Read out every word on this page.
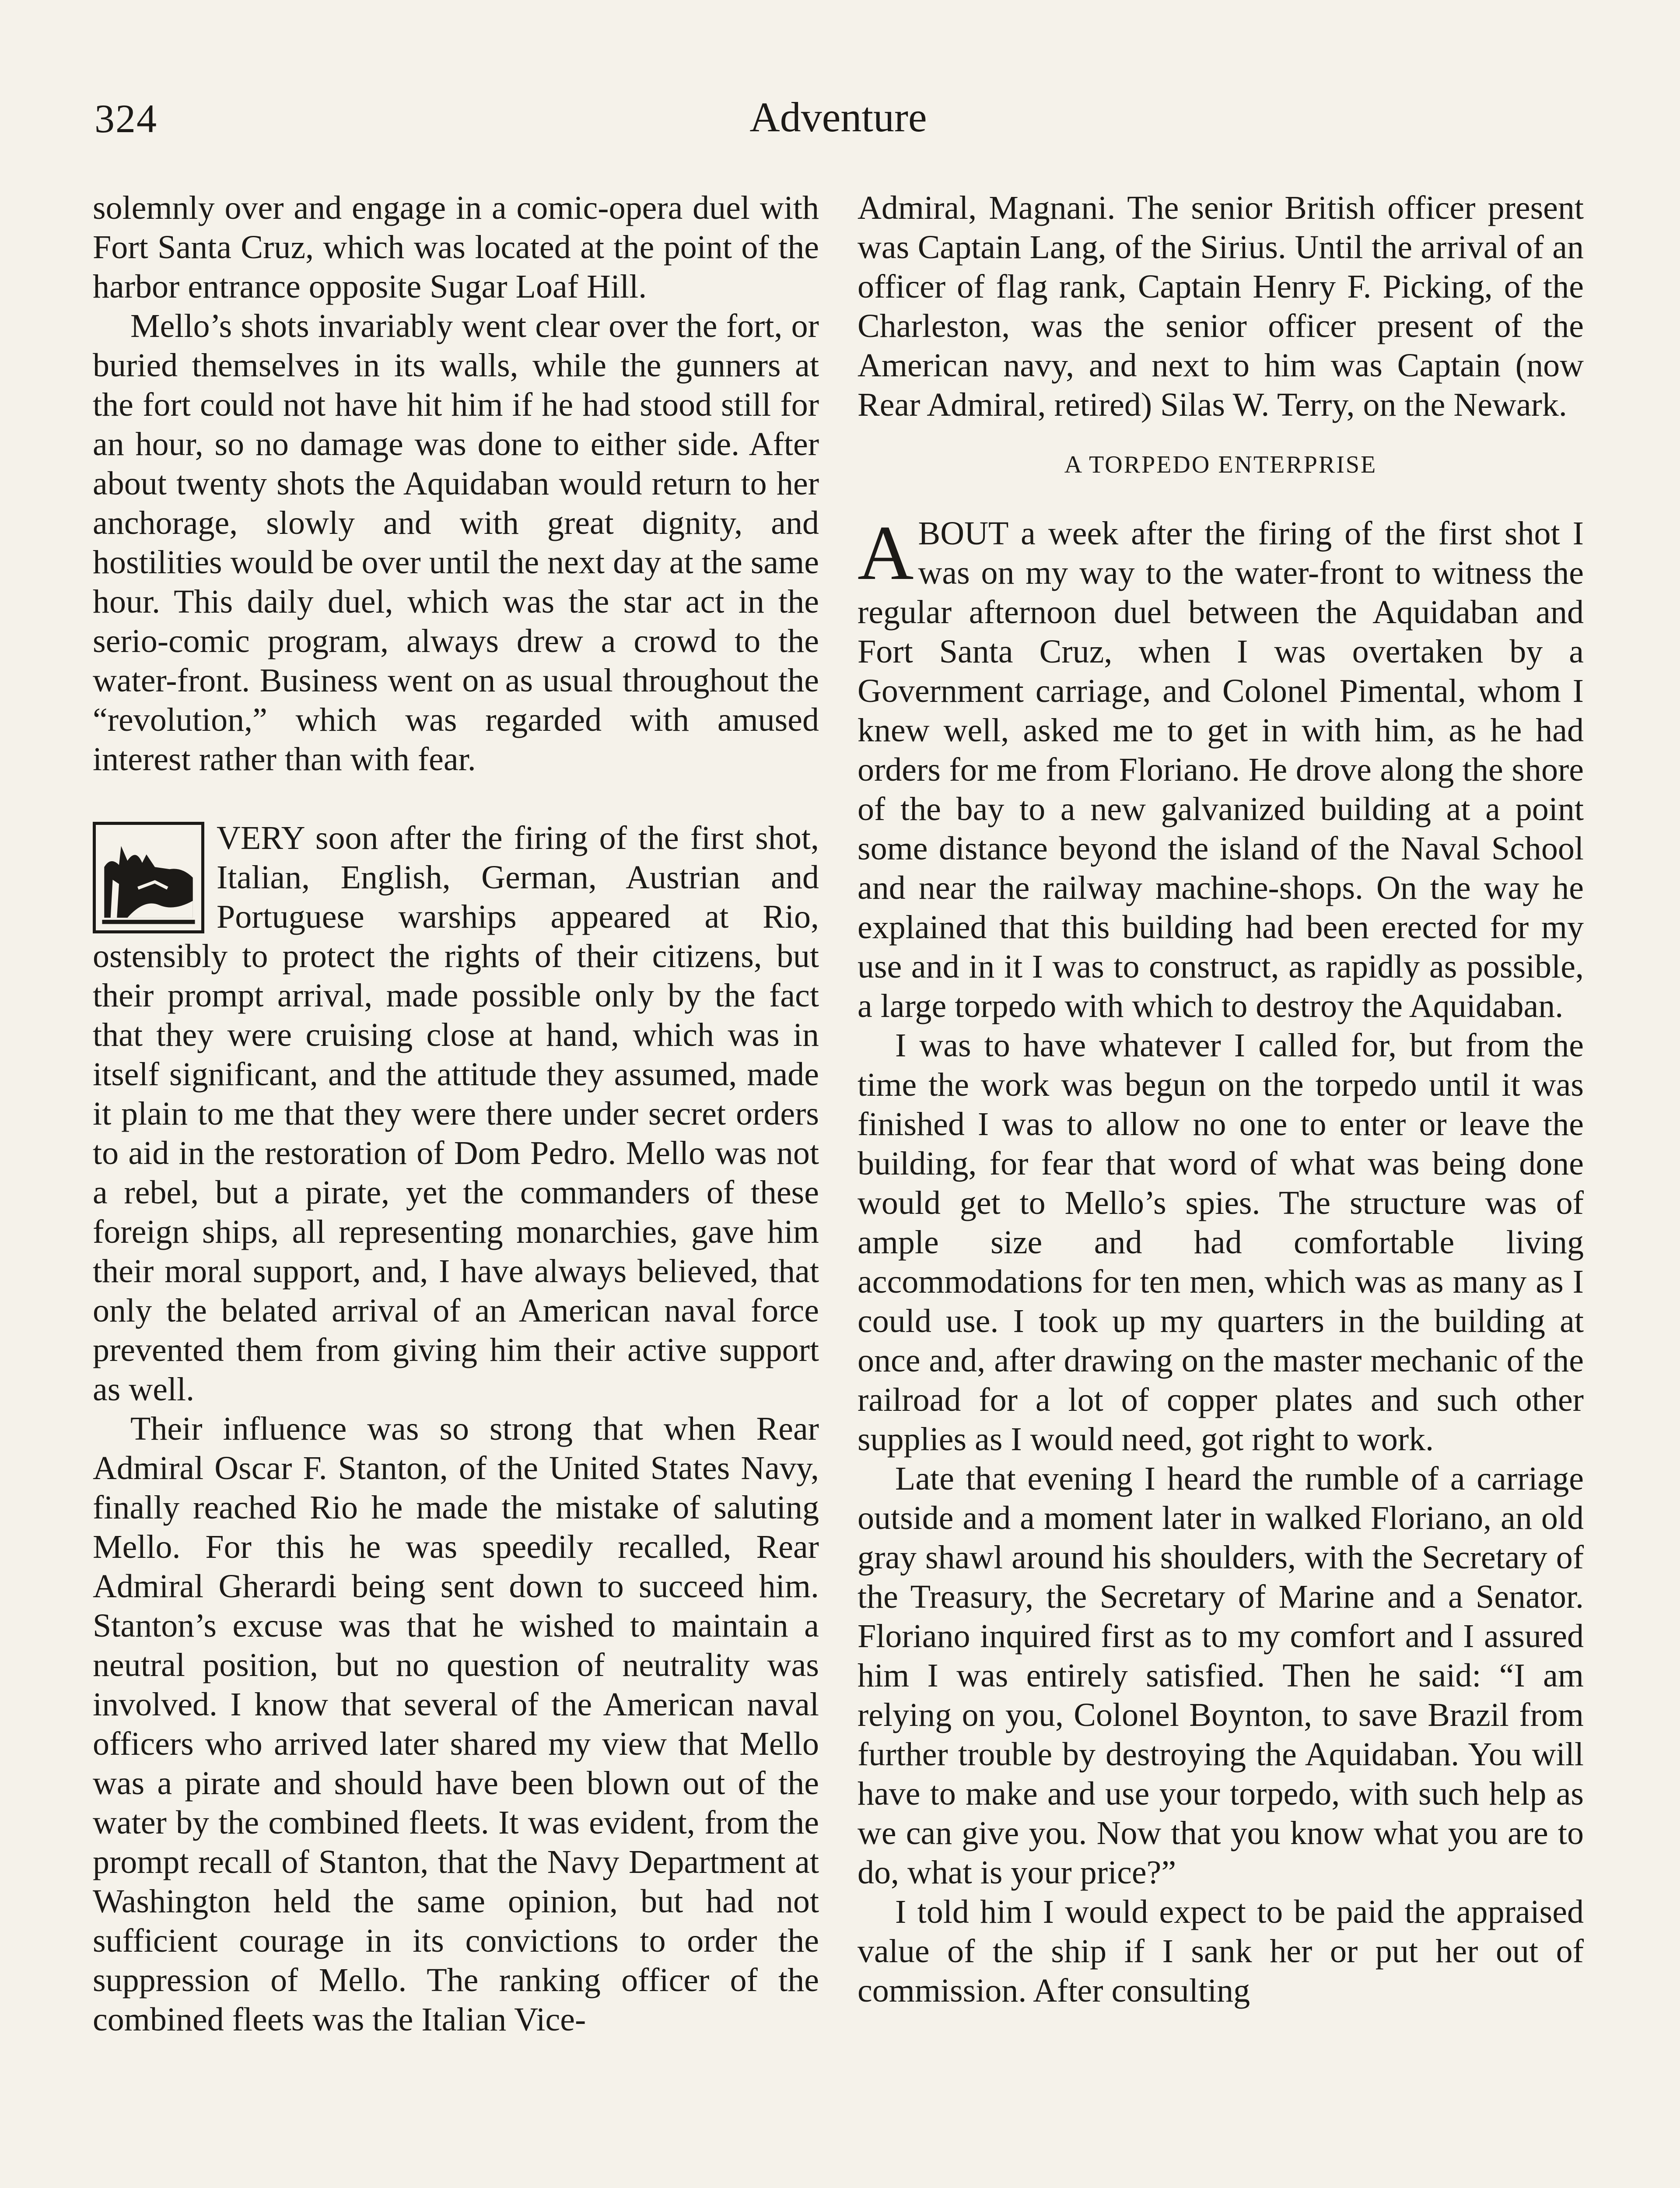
324	Adventure

solemnly over and engage in a comic-opera duel with Fort Santa Cruz, which was located at the point of the harbor entrance opposite Sugar Loaf Hill.

Mello’s shots invariably went clear over the fort, or buried themselves in its walls, while the gunners at the fort could not have hit him if he had stood still for an hour, so no damage was done to either side. After about twenty shots the Aquidaban would return to her anchorage, slowly and with great dignity, and hostilities would be over until the next day at the same hour. This daily duel, which was the star act in the serio-comic program, always drew a crowd to the water-front. Business went on as usual throughout the “revolution,” which was regarded with amused interest rather than with fear.

VERY soon after the firing of the first shot, Italian, English, German, Austrian and Portuguese warships appeared at Rio, ostensibly to protect the rights of their citizens, but their prompt arrival, made possible only by the fact that they were cruising close at hand, which was in itself significant, and the attitude they assumed, made it plain to me that they were there under secret orders to aid in the restoration of Dom Pedro. Mello was not a rebel, but a pirate, yet the commanders of these foreign ships, all representing monarchies, gave him their moral support, and, I have always believed, that only the belated arrival of an American naval force prevented them from giving him their active support as well.

Their influence was so strong that when Rear Admiral Oscar F. Stanton, of the United States Navy, finally reached Rio he made the mistake of saluting Mello. For this he was speedily recalled, Rear Admiral Gherardi being sent down to succeed him. Stanton’s excuse was that he wished to maintain a neutral position, but no question of neutrality was involved. I know that several of the American naval officers who arrived later shared my view that Mello was a pirate and should have been blown out of the water by the combined fleets. It was evident, from the prompt recall of Stanton, that the Navy Department at Washington held the same opinion, but had not sufficient courage in its convictions to order the suppression of Mello. The ranking officer of the combined fleets was the Italian Vice-

Admiral, Magnani. The senior British officer present was Captain Lang, of the Sirius. Until the arrival of an officer of flag rank, Captain Henry F. Picking, of the Charleston, was the senior officer present of the American navy, and next to him was Captain (now Rear Admiral, retired) Silas W. Terry, on the Newark.

A TORPEDO ENTERPRISE
A BOUT a week after the firing of the first shot I was on my way to the water-front to witness the regular afternoon duel between the Aquidaban and Fort Santa Cruz, when I was overtaken by a Government carriage, and Colonel Pimental, whom I knew well, asked me to get in with him, as he had orders for me from Floriano. He drove along the shore of the bay to a new galvanized building at a point some distance beyond the island of the Naval School and near the railway machine-shops. On the way he explained that this building had been erected for my use and in it I was to construct, as rapidly as possible, a large torpedo with which to destroy the Aquidaban.

I was to have whatever I called for, but from the time the work was begun on the torpedo until it was finished I was to allow no one to enter or leave the building, for fear that word of what was being done would get to Mello’s spies. The structure was of ample size and had comfortable living accommodations for ten men, which was as many as I could use. I took up my quarters in the building at once and, after drawing on the master mechanic of the railroad for a lot of copper plates and such other supplies as I would need, got right to work.

Late that evening I heard the rumble of a carriage outside and a moment later in walked Floriano, an old gray shawl around his shoulders, with the Secretary of the Treasury, the Secretary of Marine and a Senator. Floriano inquired first as to my comfort and I assured him I was entirely satisfied. Then he said: “I am relying on you, Colonel Boynton, to save Brazil from further trouble by destroying the Aquidaban. You will have to make and use your torpedo, with such help as we can give you. Now that you know what you are to do, what is your price?”

I told him I would expect to be paid the appraised value of the ship if I sank her or put her out of commission. After consulting
